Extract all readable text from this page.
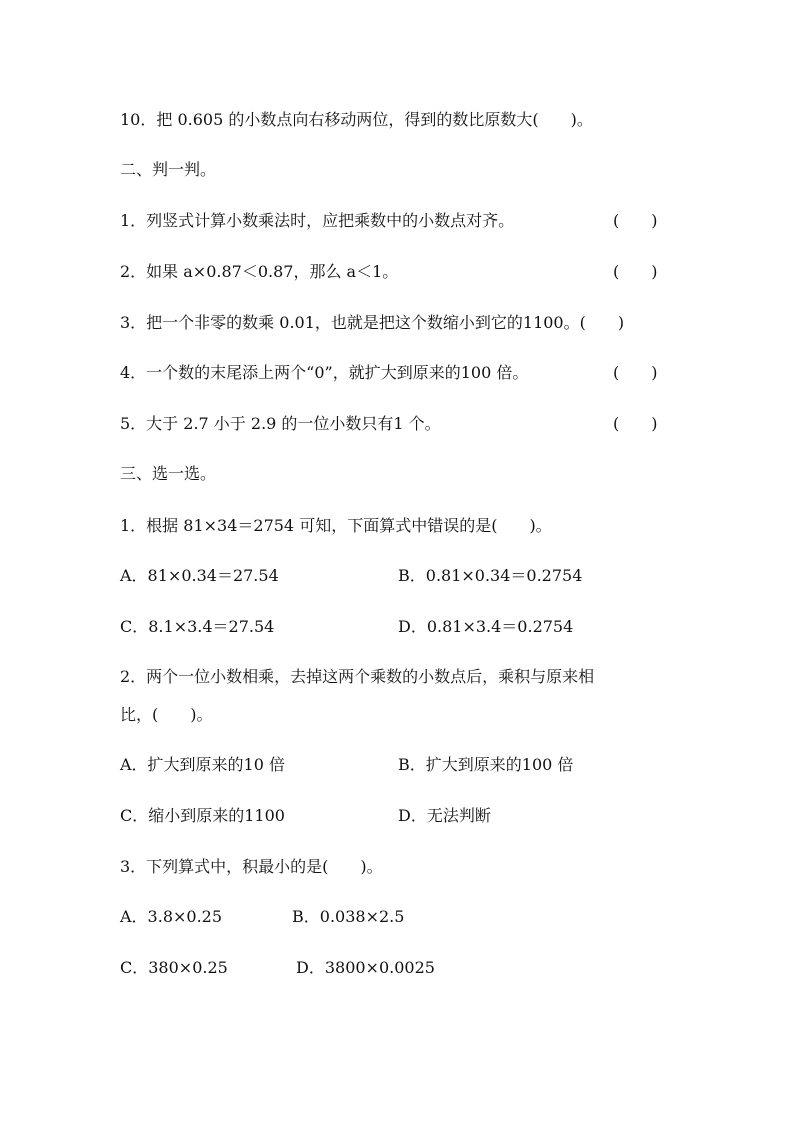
10．把 0.605 的小数点向右移动两位，得到的数比原数大(　　)。

二、判一判。

1．列竖式计算小数乘法时，应把乘数中的小数点对齐。	(　　)

2．如果 a×0.87＜0.87，那么 a＜1。	(　　)

3．把一个非零的数乘 0.01，也就是把这个数缩小到它的1100。(　　)

4．一个数的末尾添上两个“0”，就扩大到原来的100 倍。	(　　)

5．大于 2.7 小于 2.9 的一位小数只有1 个。	(　　)

三、选一选。

1．根据 81×34＝2754 可知，下面算式中错误的是(　　)。

A．81×0.34＝27.54	B．0.81×0.34＝0.2754
C．8.1×3.4＝27.54	D．0.81×3.4＝0.2754

2．两个一位小数相乘，去掉这两个乘数的小数点后，乘积与原来相

比，(　　)。

A．扩大到原来的10 倍	B．扩大到原来的100 倍
C．缩小到原来的1100	D．无法判断

3．下列算式中，积最小的是(　　)。

A．3.8×0.25	B．0.038×2.5
C．380×0.25	D．3800×0.0025
